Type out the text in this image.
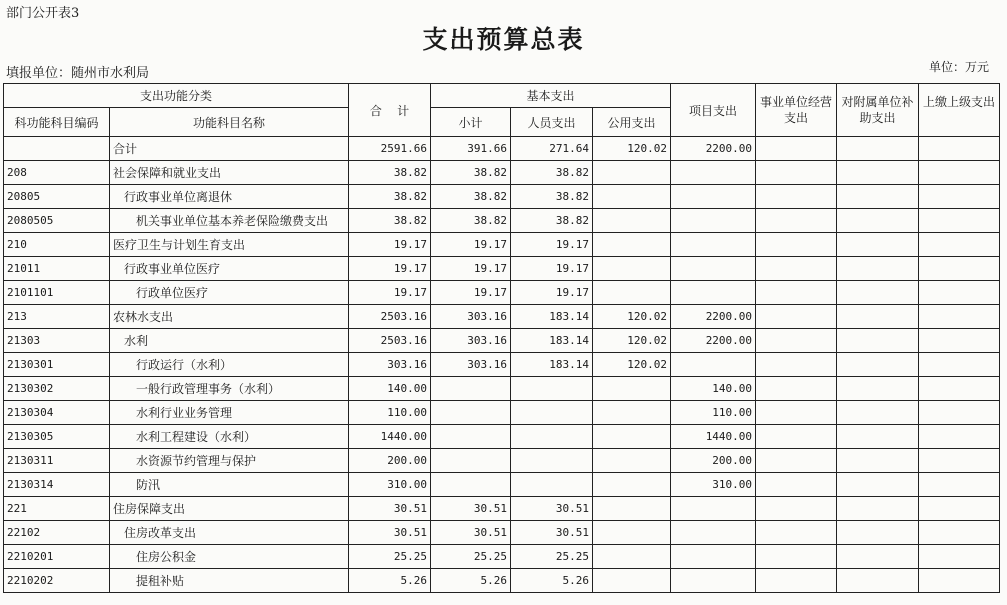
部门公开表3
支出预算总表
填报单位：随州市水利局	单位：万元
支出功能分类		合    计	基本支出			项目支出	事业单位经营支出	对附属单位补助支出	上缴上级支出
科功能科目编码	功能科目名称		小计	人员支出	公用支出				
	合计	2591.66	391.66	271.64	120.02	2200.00			
208	社会保障和就业支出	38.82	38.82	38.82					
20805	行政事业单位离退休	38.82	38.82	38.82					
2080505	机关事业单位基本养老保险缴费支出	38.82	38.82	38.82					
210	医疗卫生与计划生育支出	19.17	19.17	19.17					
21011	行政事业单位医疗	19.17	19.17	19.17					
2101101	行政单位医疗	19.17	19.17	19.17					
213	农林水支出	2503.16	303.16	183.14	120.02	2200.00			
21303	水利	2503.16	303.16	183.14	120.02	2200.00			
2130301	行政运行（水利）	303.16	303.16	183.14	120.02				
2130302	一般行政管理事务（水利）	140.00				140.00			
2130304	水利行业业务管理	110.00				110.00			
2130305	水利工程建设（水利）	1440.00				1440.00			
2130311	水资源节约管理与保护	200.00				200.00			
2130314	防汛	310.00				310.00			
221	住房保障支出	30.51	30.51	30.51					
22102	住房改革支出	30.51	30.51	30.51					
2210201	住房公积金	25.25	25.25	25.25					
2210202	提租补贴	5.26	5.26	5.26					
